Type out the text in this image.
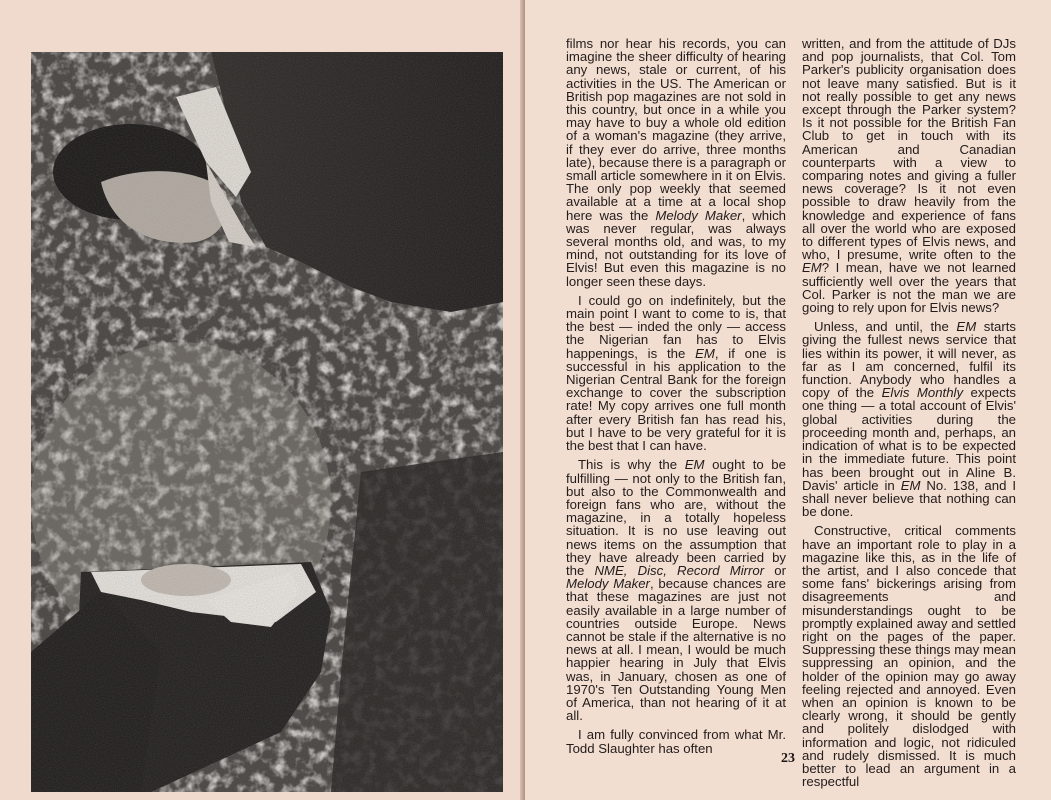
films nor hear his records, you can imagine the sheer difficulty of hearing any news, stale or current, of his activities in the US. The American or British pop magazines are not sold in this country, but once in a while you may have to buy a whole old edition of a woman's magazine (they arrive, if they ever do arrive, three months late), because there is a paragraph or small article somewhere in it on Elvis. The only pop weekly that seemed available at a time at a local shop here was the Melody Maker, which was never regular, was always several months old, and was, to my mind, not outstanding for its love of Elvis! But even this magazine is no longer seen these days.

I could go on indefinitely, but the main point I want to come to is, that the best — inded the only — access the Nigerian fan has to Elvis happenings, is the EM, if one is successful in his application to the Nigerian Central Bank for the foreign exchange to cover the subscription rate! My copy arrives one full month after every British fan has read his, but I have to be very grateful for it is the best that I can have.

This is why the EM ought to be fulfilling — not only to the British fan, but also to the Commonwealth and foreign fans who are, without the magazine, in a totally hopeless situation. It is no use leaving out news items on the assumption that they have already been carried by the NME, Disc, Record Mirror or Melody Maker, because chances are that these magazines are just not easily available in a large number of countries outside Europe. News cannot be stale if the alternative is no news at all. I mean, I would be much happier hearing in July that Elvis was, in January, chosen as one of 1970's Ten Outstanding Young Men of America, than not hearing of it at all.

I am fully convinced from what Mr. Todd Slaughter has often

written, and from the attitude of DJs and pop journalists, that Col. Tom Parker's publicity organisation does not leave many satisfied. But is it not really possible to get any news except through the Parker system? Is it not possible for the British Fan Club to get in touch with its American and Canadian counterparts with a view to comparing notes and giving a fuller news coverage? Is it not even possible to draw heavily from the knowledge and experience of fans all over the world who are exposed to different types of Elvis news, and who, I presume, write often to the EM? I mean, have we not learned sufficiently well over the years that Col. Parker is not the man we are going to rely upon for Elvis news?

Unless, and until, the EM starts giving the fullest news service that lies within its power, it will never, as far as I am concerned, fulfil its function. Anybody who handles a copy of the Elvis Monthly expects one thing — a total account of Elvis' global activities during the proceeding month and, perhaps, an indication of what is to be expected in the immediate future. This point has been brought out in Aline B. Davis' article in EM No. 138, and I shall never believe that nothing can be done.

Constructive, critical comments have an important role to play in a magazine like this, as in the life of the artist, and I also concede that some fans' bickerings arising from disagreements and misunderstandings ought to be promptly explained away and settled right on the pages of the paper. Suppressing these things may mean suppressing an opinion, and the holder of the opinion may go away feeling rejected and annoyed. Even when an opinion is known to be clearly wrong, it should be gently and politely dislodged with information and logic, not ridiculed and rudely dismissed. It is much better to lead an argument in a respectful

23
